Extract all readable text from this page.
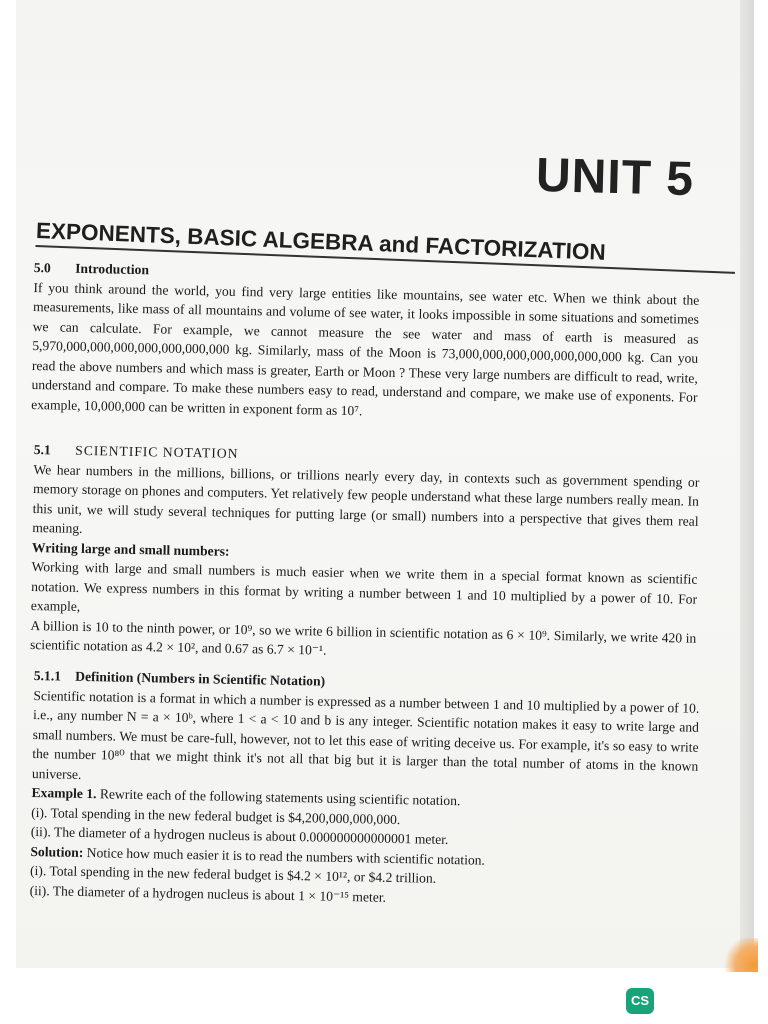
UNIT 5
EXPONENTS, BASIC ALGEBRA and FACTORIZATION

5.0 Introduction

If you think around the world, you find very large entities like mountains, see water etc. When we think about the measurements, like mass of all mountains and volume of see water, it looks impossible in some situations and sometimes we can calculate. For example, we cannot measure the see water and mass of earth is measured as 5,970,000,000,000,000,000,000,000 kg. Similarly, mass of the Moon is 73,000,000,000,000,000,000,000 kg. Can you read the above numbers and which mass is greater, Earth or Moon ? These very large numbers are difficult to read, write, understand and compare. To make these numbers easy to read, understand and compare, we make use of exponents. For example, 10,000,000 can be written in exponent form as 10⁷.

5.1 SCIENTIFIC NOTATION

We hear numbers in the millions, billions, or trillions nearly every day, in contexts such as government spending or memory storage on phones and computers. Yet relatively few people understand what these large numbers really mean. In this unit, we will study several techniques for putting large (or small) numbers into a perspective that gives them real meaning.

Writing large and small numbers:

Working with large and small numbers is much easier when we write them in a special format known as scientific notation. We express numbers in this format by writing a number between 1 and 10 multiplied by a power of 10. For example,

A billion is 10 to the ninth power, or 10⁹, so we write 6 billion in scientific notation as 6 × 10⁹. Similarly, we write 420 in scientific notation as 4.2 × 10², and 0.67 as 6.7 × 10⁻¹.

5.1.1 Definition (Numbers in Scientific Notation)

Scientific notation is a format in which a number is expressed as a number between 1 and 10 multiplied by a power of 10. i.e., any number N = a × 10ᵇ, where 1 < a < 10 and b is any integer. Scientific notation makes it easy to write large and small numbers. We must be care-full, however, not to let this ease of writing deceive us. For example, it's so easy to write the number 10⁸⁰ that we might think it's not all that big but it is larger than the total number of atoms in the known universe.

Example 1. Rewrite each of the following statements using scientific notation.

(i). Total spending in the new federal budget is $4,200,000,000,000.

(ii). The diameter of a hydrogen nucleus is about 0.000000000000001 meter.

Solution: Notice how much easier it is to read the numbers with scientific notation.

(i). Total spending in the new federal budget is $4.2 × 10¹², or $4.2 trillion.

(ii). The diameter of a hydrogen nucleus is about 1 × 10⁻¹⁵ meter.

CS
